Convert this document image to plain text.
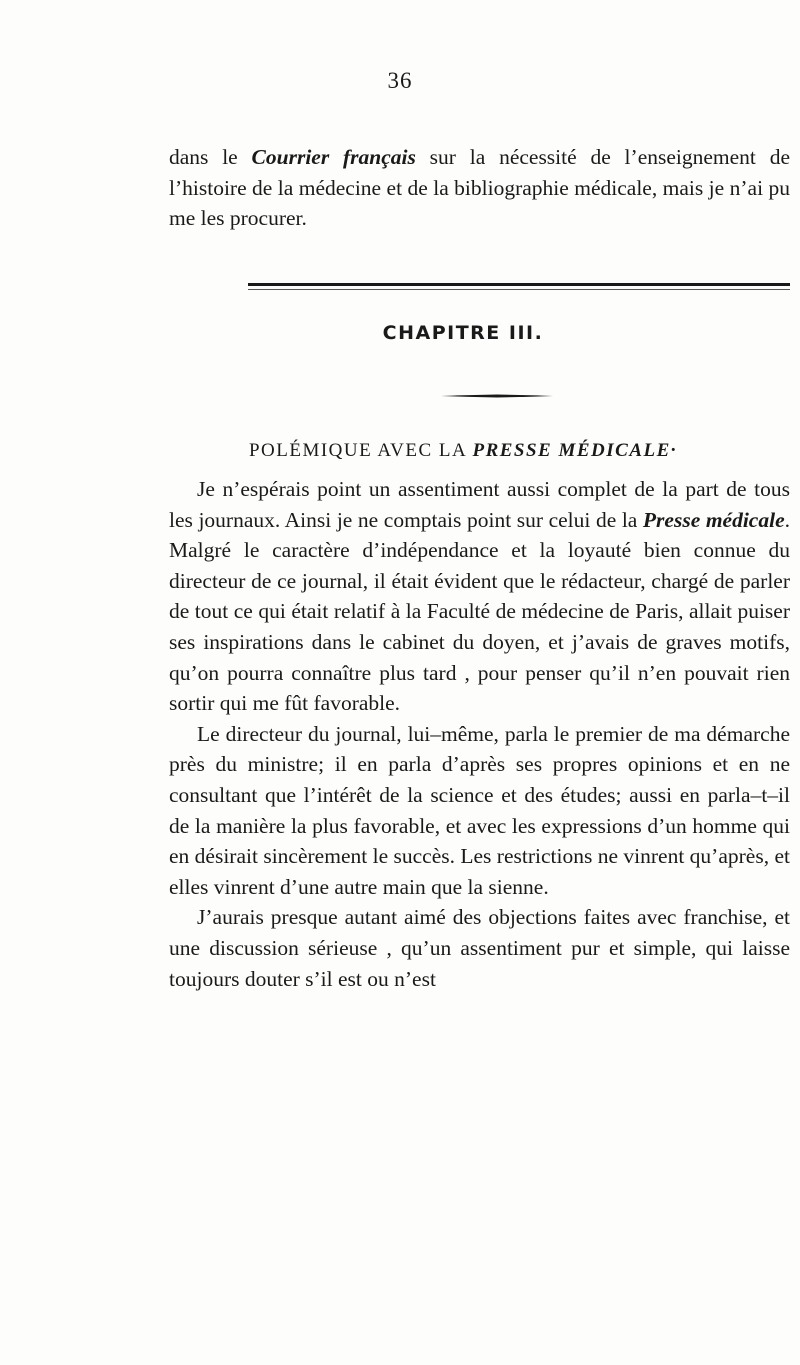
36

dans le Courrier français sur la nécessité de l’enseignement de l’histoire de la médecine et de la bibliographie médicale, mais je n’ai pu me les procurer.

CHAPITRE III.
POLÉMIQUE AVEC LA PRESSE MÉDICALE·

Je n’espérais point un assentiment aussi complet de la part de tous les journaux. Ainsi je ne comptais point sur celui de la Presse médicale. Malgré le caractère d’indépendance et la loyauté bien connue du directeur de ce journal, il était évident que le rédacteur, chargé de parler de tout ce qui était relatif à la Faculté de médecine de Paris, allait puiser ses inspirations dans le cabinet du doyen, et j’avais de graves motifs, qu’on pourra connaître plus tard , pour penser qu’il n’en pouvait rien sortir qui me fût favorable.

Le directeur du journal, lui–même, parla le premier de ma démarche près du ministre; il en parla d’après ses propres opinions et en ne consultant que l’intérêt de la science et des études; aussi en parla–t–il de la manière la plus favorable, et avec les expressions d’un homme qui en désirait sincèrement le succès. Les restrictions ne vinrent qu’après, et elles vinrent d’une autre main que la sienne.

J’aurais presque autant aimé des objections faites avec franchise, et une discussion sérieuse , qu’un assentiment pur et simple, qui laisse toujours douter s’il est ou n’est
